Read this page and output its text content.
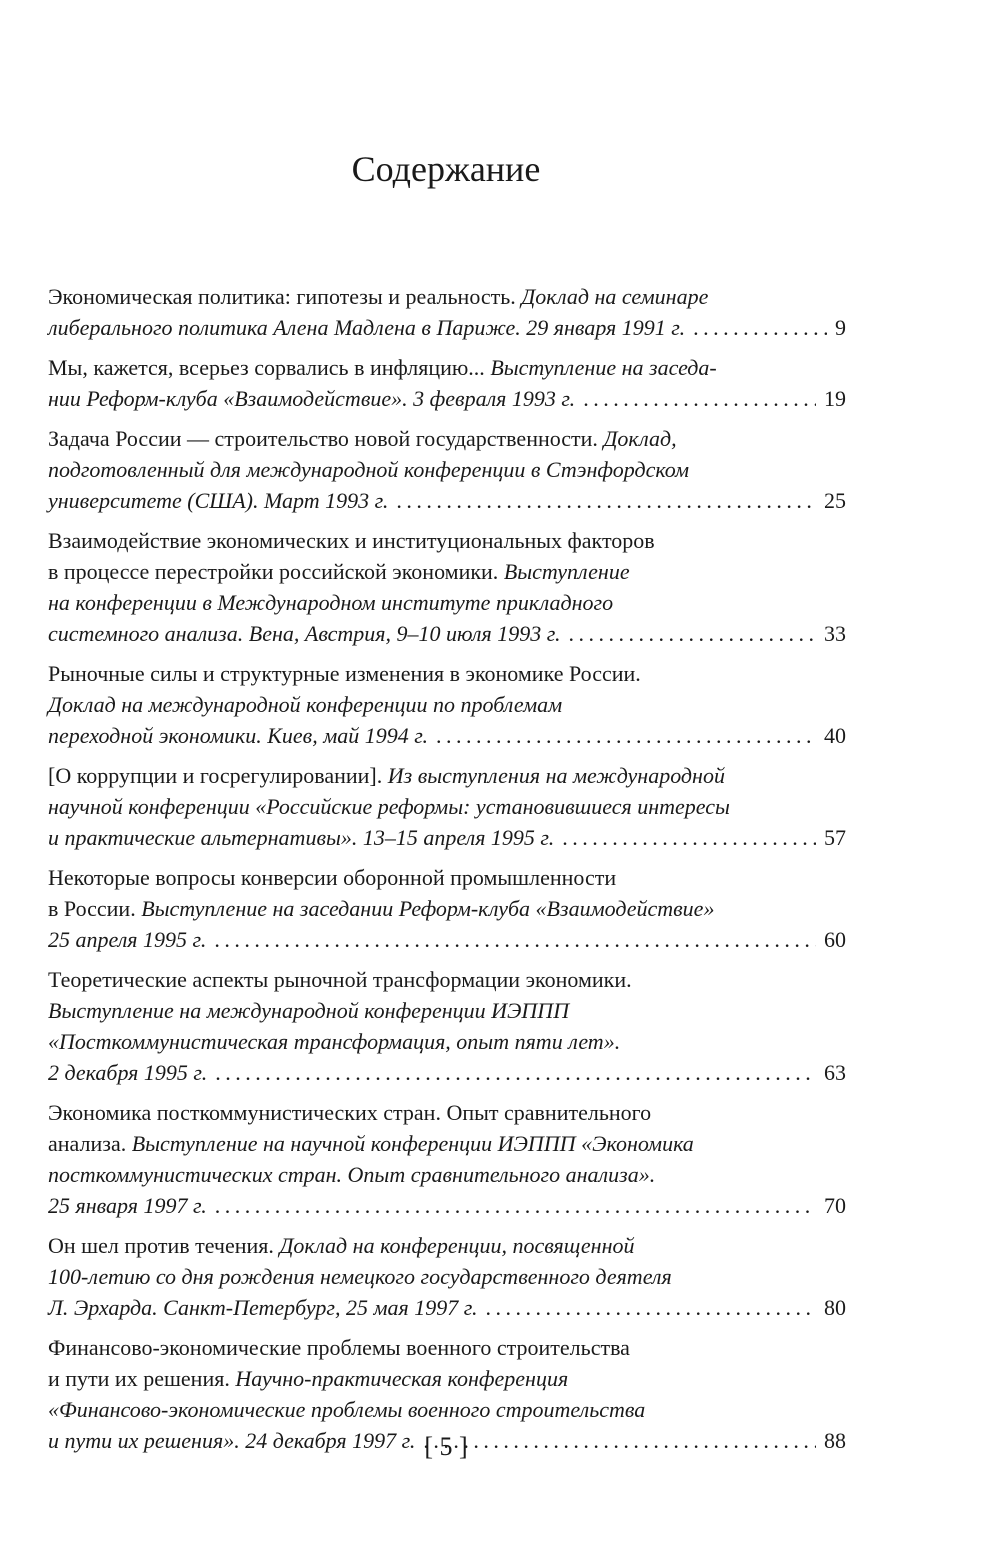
Содержание
Экономическая политика: гипотезы и реальность. Доклад на семинаре
либерального политика Алена Мадлена в Париже. 29 января 1991 г. . . .	9
Мы, кажется, всерьез сорвались в инфляцию... Выступление на заседа-
нии Реформ-клуба «Взаимодействие». 3 февраля 1993 г. . . .	19
Задача России — строительство новой государственности. Доклад,
подготовленный для международной конференции в Стэнфордском
университете (США). Март 1993 г. . . .	25
Взаимодействие экономических и институциональных факторов
в процессе перестройки российской экономики. Выступление
на конференции в Международном институте прикладного
системного анализа. Вена, Австрия, 9–10 июля 1993 г. . . .	33
Рыночные силы и структурные изменения в экономике России.
Доклад на международной конференции по проблемам
переходной экономики. Киев, май 1994 г. . . .	40
[О коррупции и госрегулировании]. Из выступления на международной
научной конференции «Российские реформы: установившиеся интересы
и практические альтернативы». 13–15 апреля 1995 г. . . .	57
Некоторые вопросы конверсии оборонной промышленности
в России. Выступление на заседании Реформ-клуба «Взаимодействие»
25 апреля 1995 г. . . .	60
Теоретические аспекты рыночной трансформации экономики.
Выступление на международной конференции ИЭППП
«Посткоммунистическая трансформация, опыт пяти лет».
2 декабря 1995 г. . . .	63
Экономика посткоммунистических стран. Опыт сравнительного
анализа. Выступление на научной конференции ИЭППП «Экономика
посткоммунистических стран. Опыт сравнительного анализа».
25 января 1997 г. . . .	70
Он шел против течения. Доклад на конференции, посвященной
100-летию со дня рождения немецкого государственного деятеля
Л. Эрхарда. Санкт-Петербург, 25 мая 1997 г. . . .	80
Финансово-экономические проблемы военного строительства
и пути их решения. Научно-практическая конференция
«Финансово-экономические проблемы военного строительства
и пути их решения». 24 декабря 1997 г. . . .	88
[ 5 ]
